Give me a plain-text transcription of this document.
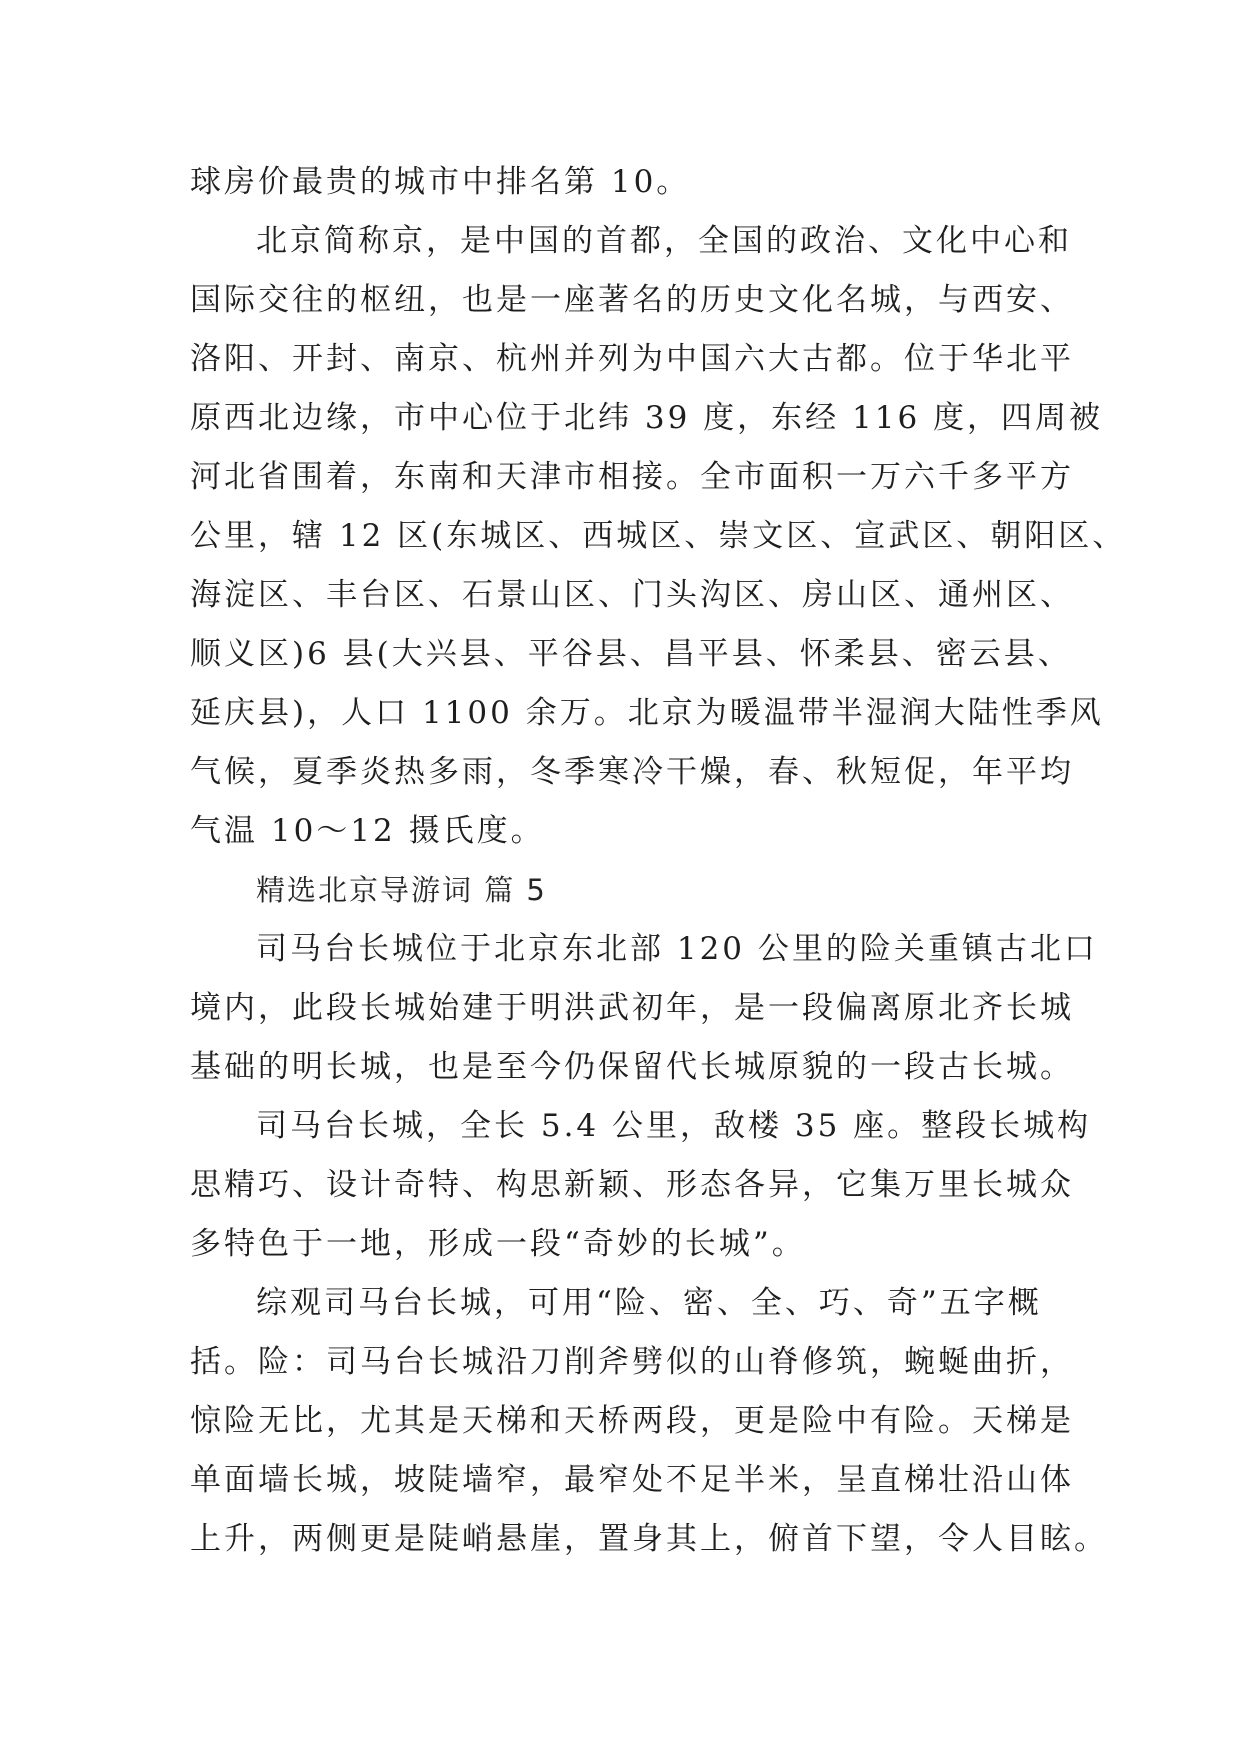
球房价最贵的城市中排名第 10。
北京简称京，是中国的首都，全国的政治、文化中心和
国际交往的枢纽，也是一座著名的历史文化名城，与西安、
洛阳、开封、南京、杭州并列为中国六大古都。位于华北平
原西北边缘，市中心位于北纬 39 度，东经 116 度，四周被
河北省围着，东南和天津市相接。全市面积一万六千多平方
公里，辖 12 区(东城区、西城区、崇文区、宣武区、朝阳区、
海淀区、丰台区、石景山区、门头沟区、房山区、通州区、
顺义区)6 县(大兴县、平谷县、昌平县、怀柔县、密云县、
延庆县)，人口 1100 余万。北京为暖温带半湿润大陆性季风
气候，夏季炎热多雨，冬季寒冷干燥，春、秋短促，年平均
气温 10～12 摄氏度。
精选北京导游词 篇 5
司马台长城位于北京东北部 120 公里的险关重镇古北口
境内，此段长城始建于明洪武初年，是一段偏离原北齐长城
基础的明长城，也是至今仍保留代长城原貌的一段古长城。
司马台长城，全长 5.4 公里，敌楼 35 座。整段长城构
思精巧、设计奇特、构思新颖、形态各异，它集万里长城众
多特色于一地，形成一段“奇妙的长城”。
综观司马台长城，可用“险、密、全、巧、奇”五字概
括。险：司马台长城沿刀削斧劈似的山脊修筑，蜿蜒曲折，
惊险无比，尤其是天梯和天桥两段，更是险中有险。天梯是
单面墙长城，坡陡墙窄，最窄处不足半米，呈直梯壮沿山体
上升，两侧更是陡峭悬崖，置身其上，俯首下望，令人目眩。
